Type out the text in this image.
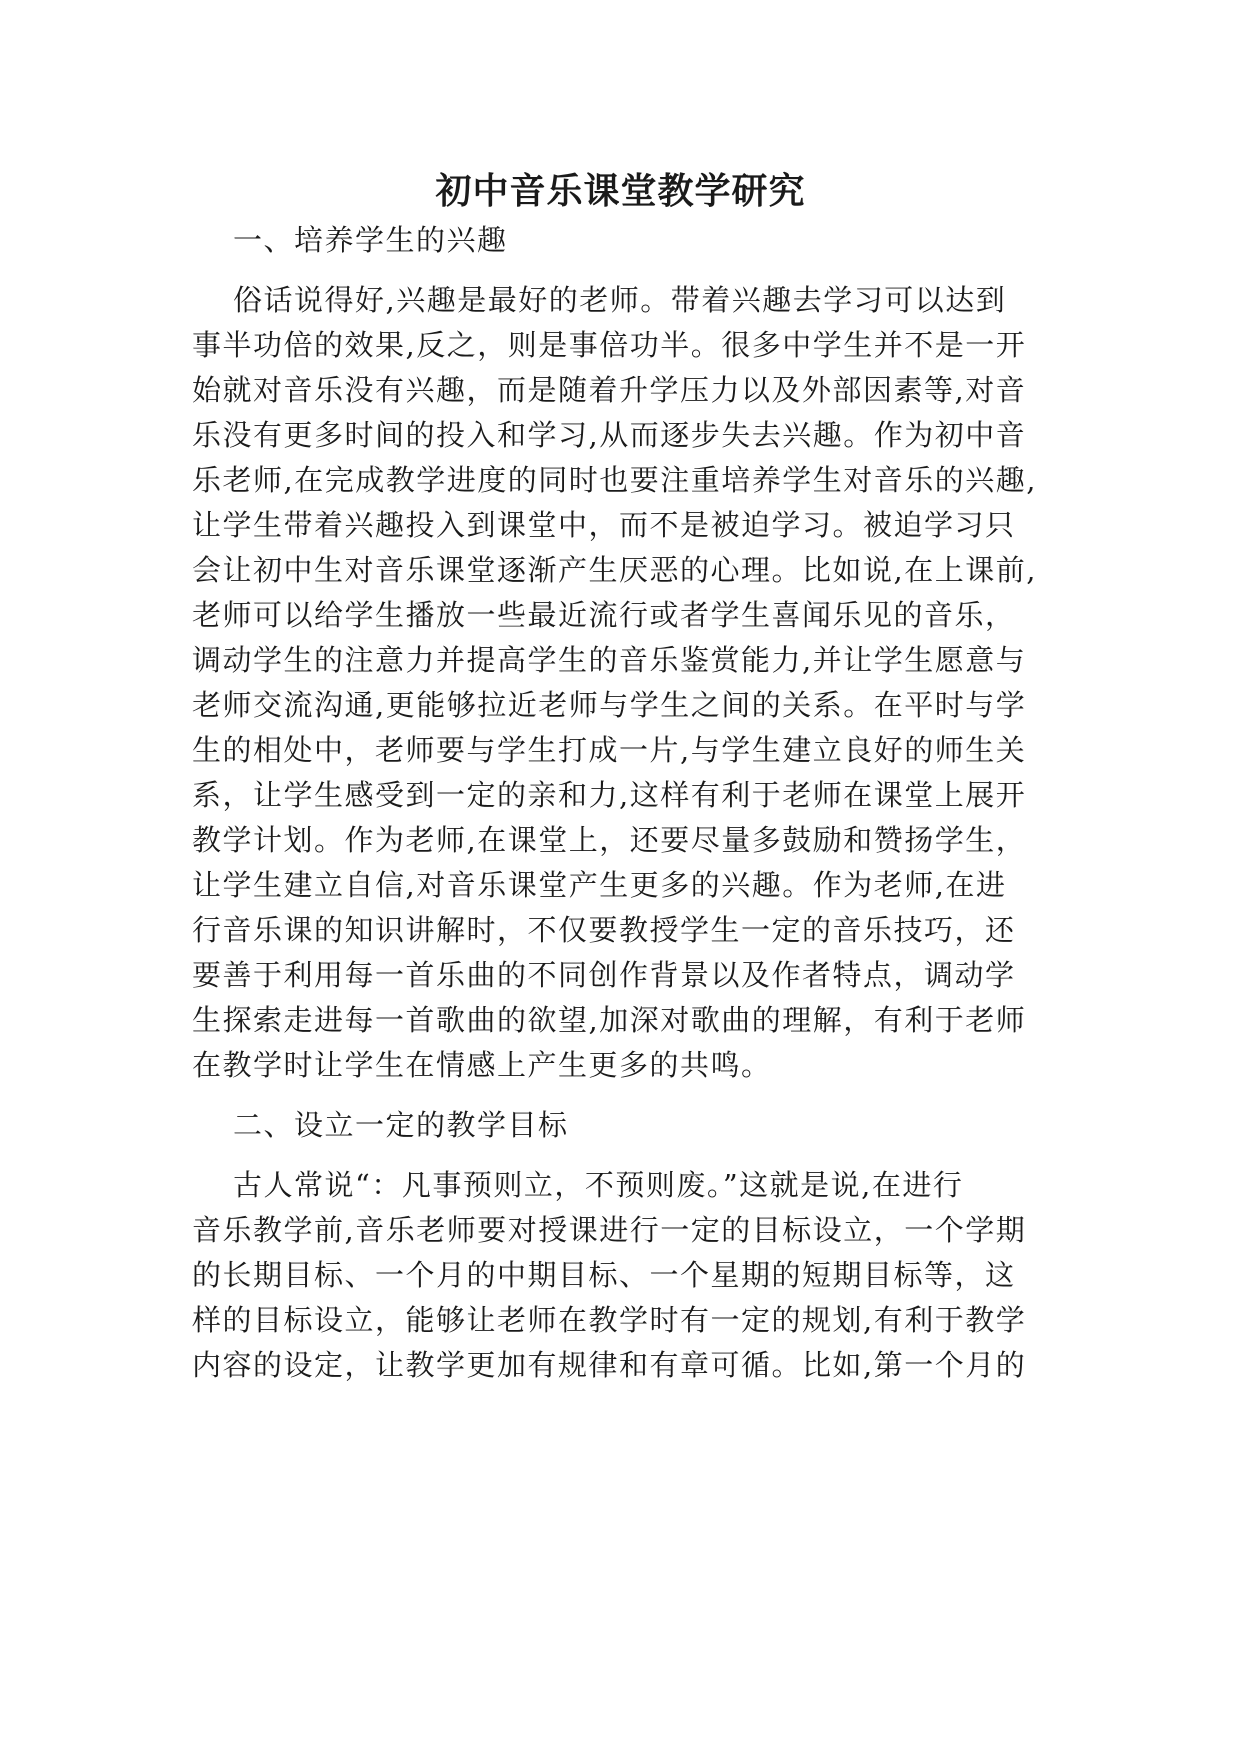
初中音乐课堂教学研究
一、培养学生的兴趣
俗话说得好,兴趣是最好的老师。带着兴趣去学习可以达到
事半功倍的效果,反之，则是事倍功半。很多中学生并不是一开
始就对音乐没有兴趣，而是随着升学压力以及外部因素等,对音
乐没有更多时间的投入和学习,从而逐步失去兴趣。作为初中音
乐老师,在完成教学进度的同时也要注重培养学生对音乐的兴趣,
让学生带着兴趣投入到课堂中，而不是被迫学习。被迫学习只
会让初中生对音乐课堂逐渐产生厌恶的心理。比如说,在上课前,
老师可以给学生播放一些最近流行或者学生喜闻乐见的音乐，
调动学生的注意力并提高学生的音乐鉴赏能力,并让学生愿意与
老师交流沟通,更能够拉近老师与学生之间的关系。在平时与学
生的相处中，老师要与学生打成一片,与学生建立良好的师生关
系，让学生感受到一定的亲和力,这样有利于老师在课堂上展开
教学计划。作为老师,在课堂上，还要尽量多鼓励和赞扬学生，
让学生建立自信,对音乐课堂产生更多的兴趣。作为老师,在进
行音乐课的知识讲解时，不仅要教授学生一定的音乐技巧，还
要善于利用每一首乐曲的不同创作背景以及作者特点，调动学
生探索走进每一首歌曲的欲望,加深对歌曲的理解，有利于老师
在教学时让学生在情感上产生更多的共鸣。
二、设立一定的教学目标
古人常说“：凡事预则立，不预则废。”这就是说,在进行
音乐教学前,音乐老师要对授课进行一定的目标设立，一个学期
的长期目标、一个月的中期目标、一个星期的短期目标等，这
样的目标设立，能够让老师在教学时有一定的规划,有利于教学
内容的设定，让教学更加有规律和有章可循。比如,第一个月的
